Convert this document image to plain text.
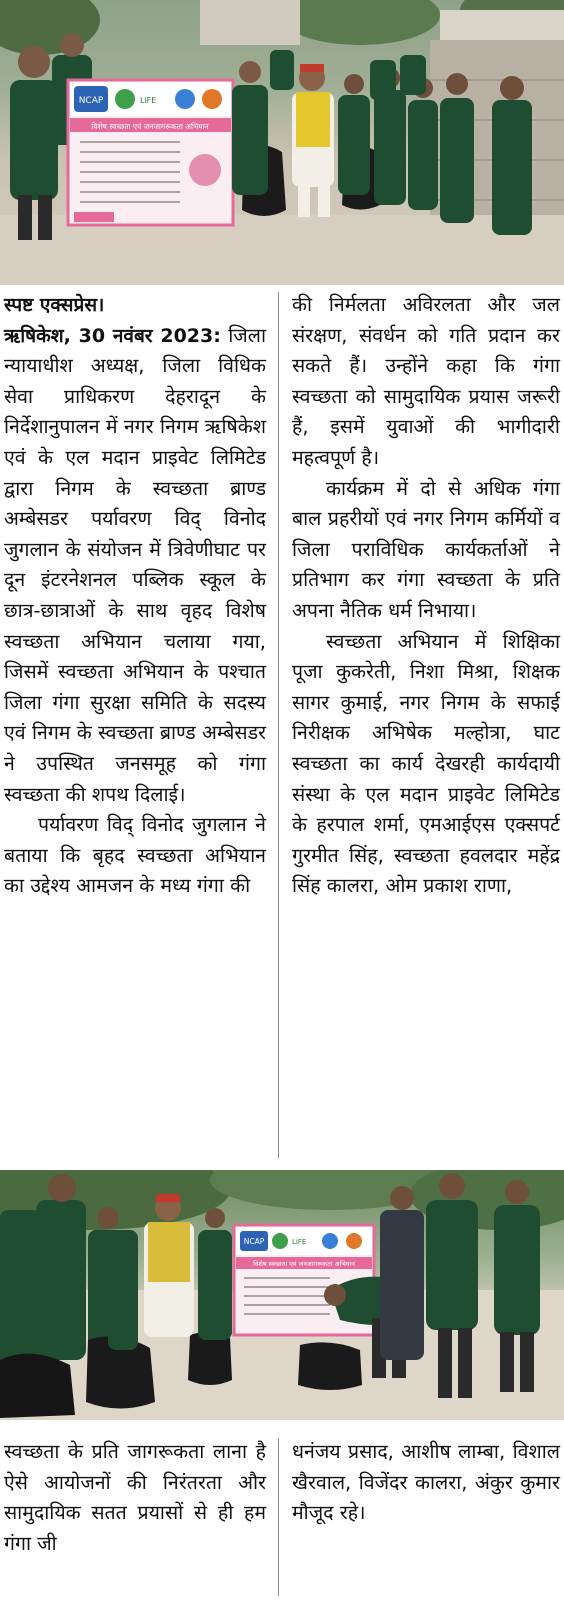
NCAP	LiFE
विशेष स्वच्छता एवं जनजागरूकता अभियान

स्पष्ट एक्सप्रेस।

ऋषिकेश, 30 नवंबर 2023: जिला न्यायाधीश अध्यक्ष, जिला विधिक सेवा प्राधिकरण देहरादून के निर्देशानुपालन में नगर निगम ऋषिकेश एवं के एल मदान प्राइवेट लिमिटेड द्वारा निगम के स्वच्छता ब्राण्ड अम्बेसडर पर्यावरण विद् विनोद जुगलान के संयोजन में त्रिवेणीघाट पर दून इंटरनेशनल पब्लिक स्कूल के छात्र-छात्राओं के साथ वृहद विशेष स्वच्छता अभियान चलाया गया, जिसमें स्वच्छता अभियान के पश्चात जिला गंगा सुरक्षा समिति के सदस्य एवं निगम के स्वच्छता ब्राण्ड अम्बेसडर ने उपस्थित जनसमूह को गंगा स्वच्छता की शपथ दिलाई।

पर्यावरण विद् विनोद जुगलान ने बताया कि बृहद स्वच्छता अभियान का उद्देश्य आमजन के मध्य गंगा की

की निर्मलता अविरलता और जल संरक्षण, संवर्धन को गति प्रदान कर सकते हैं। उन्होंने कहा कि गंगा स्वच्छता को सामुदायिक प्रयास जरूरी हैं, इसमें युवाओं की भागीदारी महत्वपूर्ण है।

कार्यक्रम में दो से अधिक गंगा बाल प्रहरीयों एवं नगर निगम कर्मियों व जिला पराविधिक कार्यकर्ताओं ने प्रतिभाग कर गंगा स्वच्छता के प्रति अपना नैतिक धर्म निभाया।

स्वच्छता अभियान में शिक्षिका पूजा कुकरेती, निशा मिश्रा, शिक्षक सागर कुमाई, नगर निगम के सफाई निरीक्षक अभिषेक मल्होत्रा, घाट स्वच्छता का कार्य देखरही कार्यदायी संस्था के एल मदान प्राइवेट लिमिटेड के हरपाल शर्मा, एमआईएस एक्सपर्ट गुरमीत सिंह, स्वच्छता हवलदार महेंद्र सिंह कालरा, ओम प्रकाश राणा,

NCAP	LiFE
विशेष स्वच्छता एवं जनजागरूकता अभियान

स्वच्छता के प्रति जागरूकता लाना है ऐसे आयोजनों की निरंतरता और सामुदायिक सतत प्रयासों से ही हम गंगा जी

धनंजय प्रसाद, आशीष लाम्बा, विशाल खैरवाल, विजेंदर कालरा, अंकुर कुमार मौजूद रहे।
